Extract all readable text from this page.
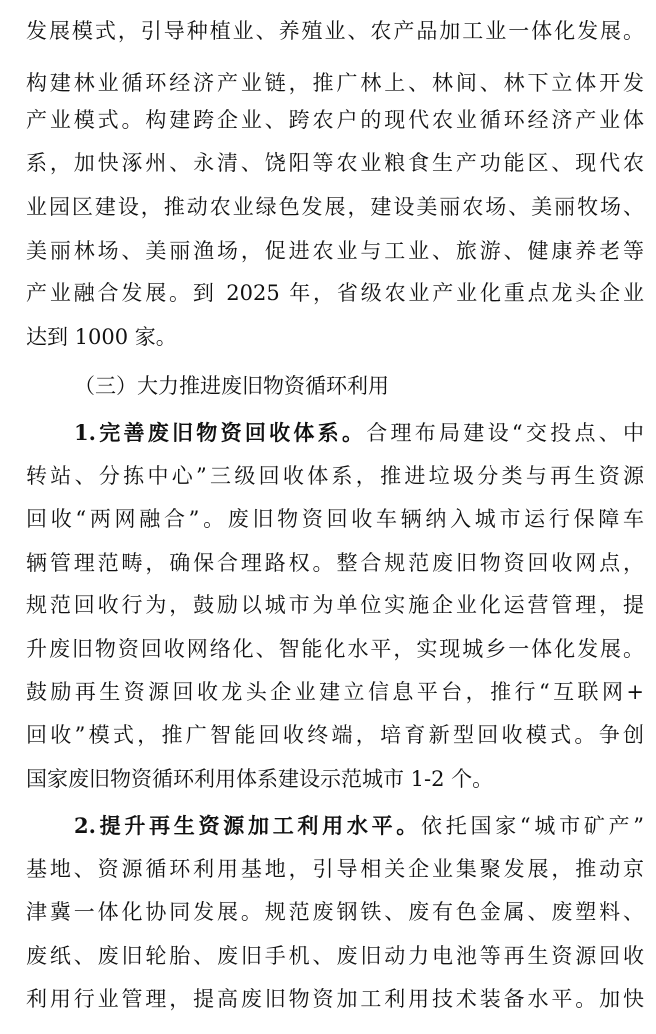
发展模式，引导种植业、养殖业、农产品加工业一体化发展。
构建林业循环经济产业链，推广林上、林间、林下立体开发
产业模式。构建跨企业、跨农户的现代农业循环经济产业体
系，加快涿州、永清、饶阳等农业粮食生产功能区、现代农
业园区建设，推动农业绿色发展，建设美丽农场、美丽牧场、
美丽林场、美丽渔场，促进农业与工业、旅游、健康养老等
产业融合发展。到 2025 年，省级农业产业化重点龙头企业
达到 1000 家。
（三）大力推进废旧物资循环利用
1.完善废旧物资回收体系。合理布局建设“交投点、中
转站、分拣中心”三级回收体系，推进垃圾分类与再生资源
回收“两网融合”。废旧物资回收车辆纳入城市运行保障车
辆管理范畴，确保合理路权。整合规范废旧物资回收网点，
规范回收行为，鼓励以城市为单位实施企业化运营管理，提
升废旧物资回收网络化、智能化水平，实现城乡一体化发展。
鼓励再生资源回收龙头企业建立信息平台，推行“互联网+
回收”模式，推广智能回收终端，培育新型回收模式。争创
国家废旧物资循环利用体系建设示范城市 1-2 个。
2.提升再生资源加工利用水平。依托国家“城市矿产”
基地、资源循环利用基地，引导相关企业集聚发展，推动京
津冀一体化协同发展。规范废钢铁、废有色金属、废塑料、
废纸、废旧轮胎、废旧手机、废旧动力电池等再生资源回收
利用行业管理，提高废旧物资加工利用技术装备水平。加快
